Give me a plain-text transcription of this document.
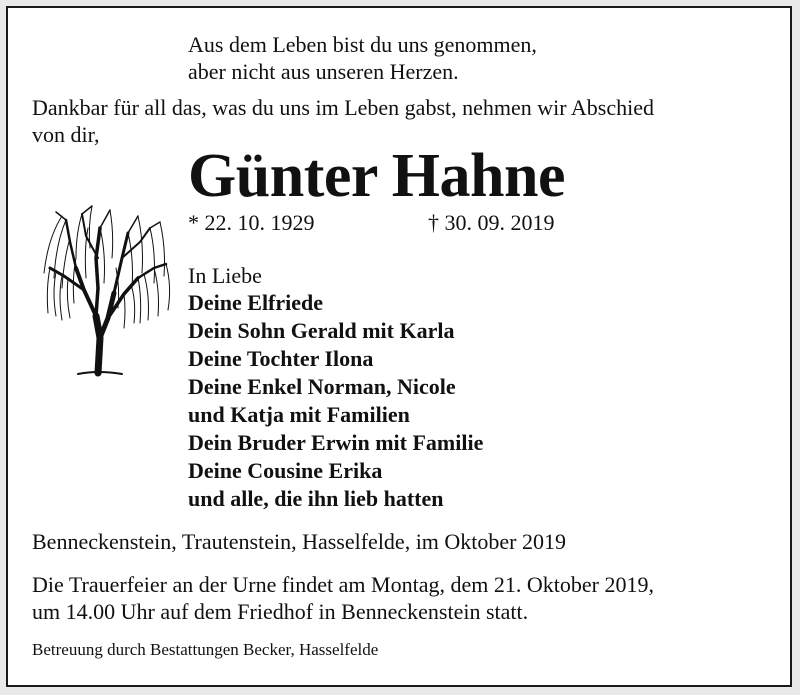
Aus dem Leben bist du uns genommen,

aber nicht aus unseren Herzen.

Dankbar für all das, was du uns im Leben gabst, nehmen wir Abschied

von dir,

Günter Hahne

* 22. 10. 1929	† 30. 09. 2019

In Liebe

Deine Elfriede

Dein Sohn Gerald mit Karla

Deine Tochter Ilona

Deine Enkel Norman, Nicole

und Katja mit Familien

Dein Bruder Erwin mit Familie

Deine Cousine Erika

und alle, die ihn lieb hatten

Benneckenstein, Trautenstein, Hasselfelde, im Oktober 2019

Die Trauerfeier an der Urne findet am Montag, dem 21. Oktober 2019,

um 14.00 Uhr auf dem Friedhof in Benneckenstein statt.

Betreuung durch Bestattungen Becker, Hasselfelde
